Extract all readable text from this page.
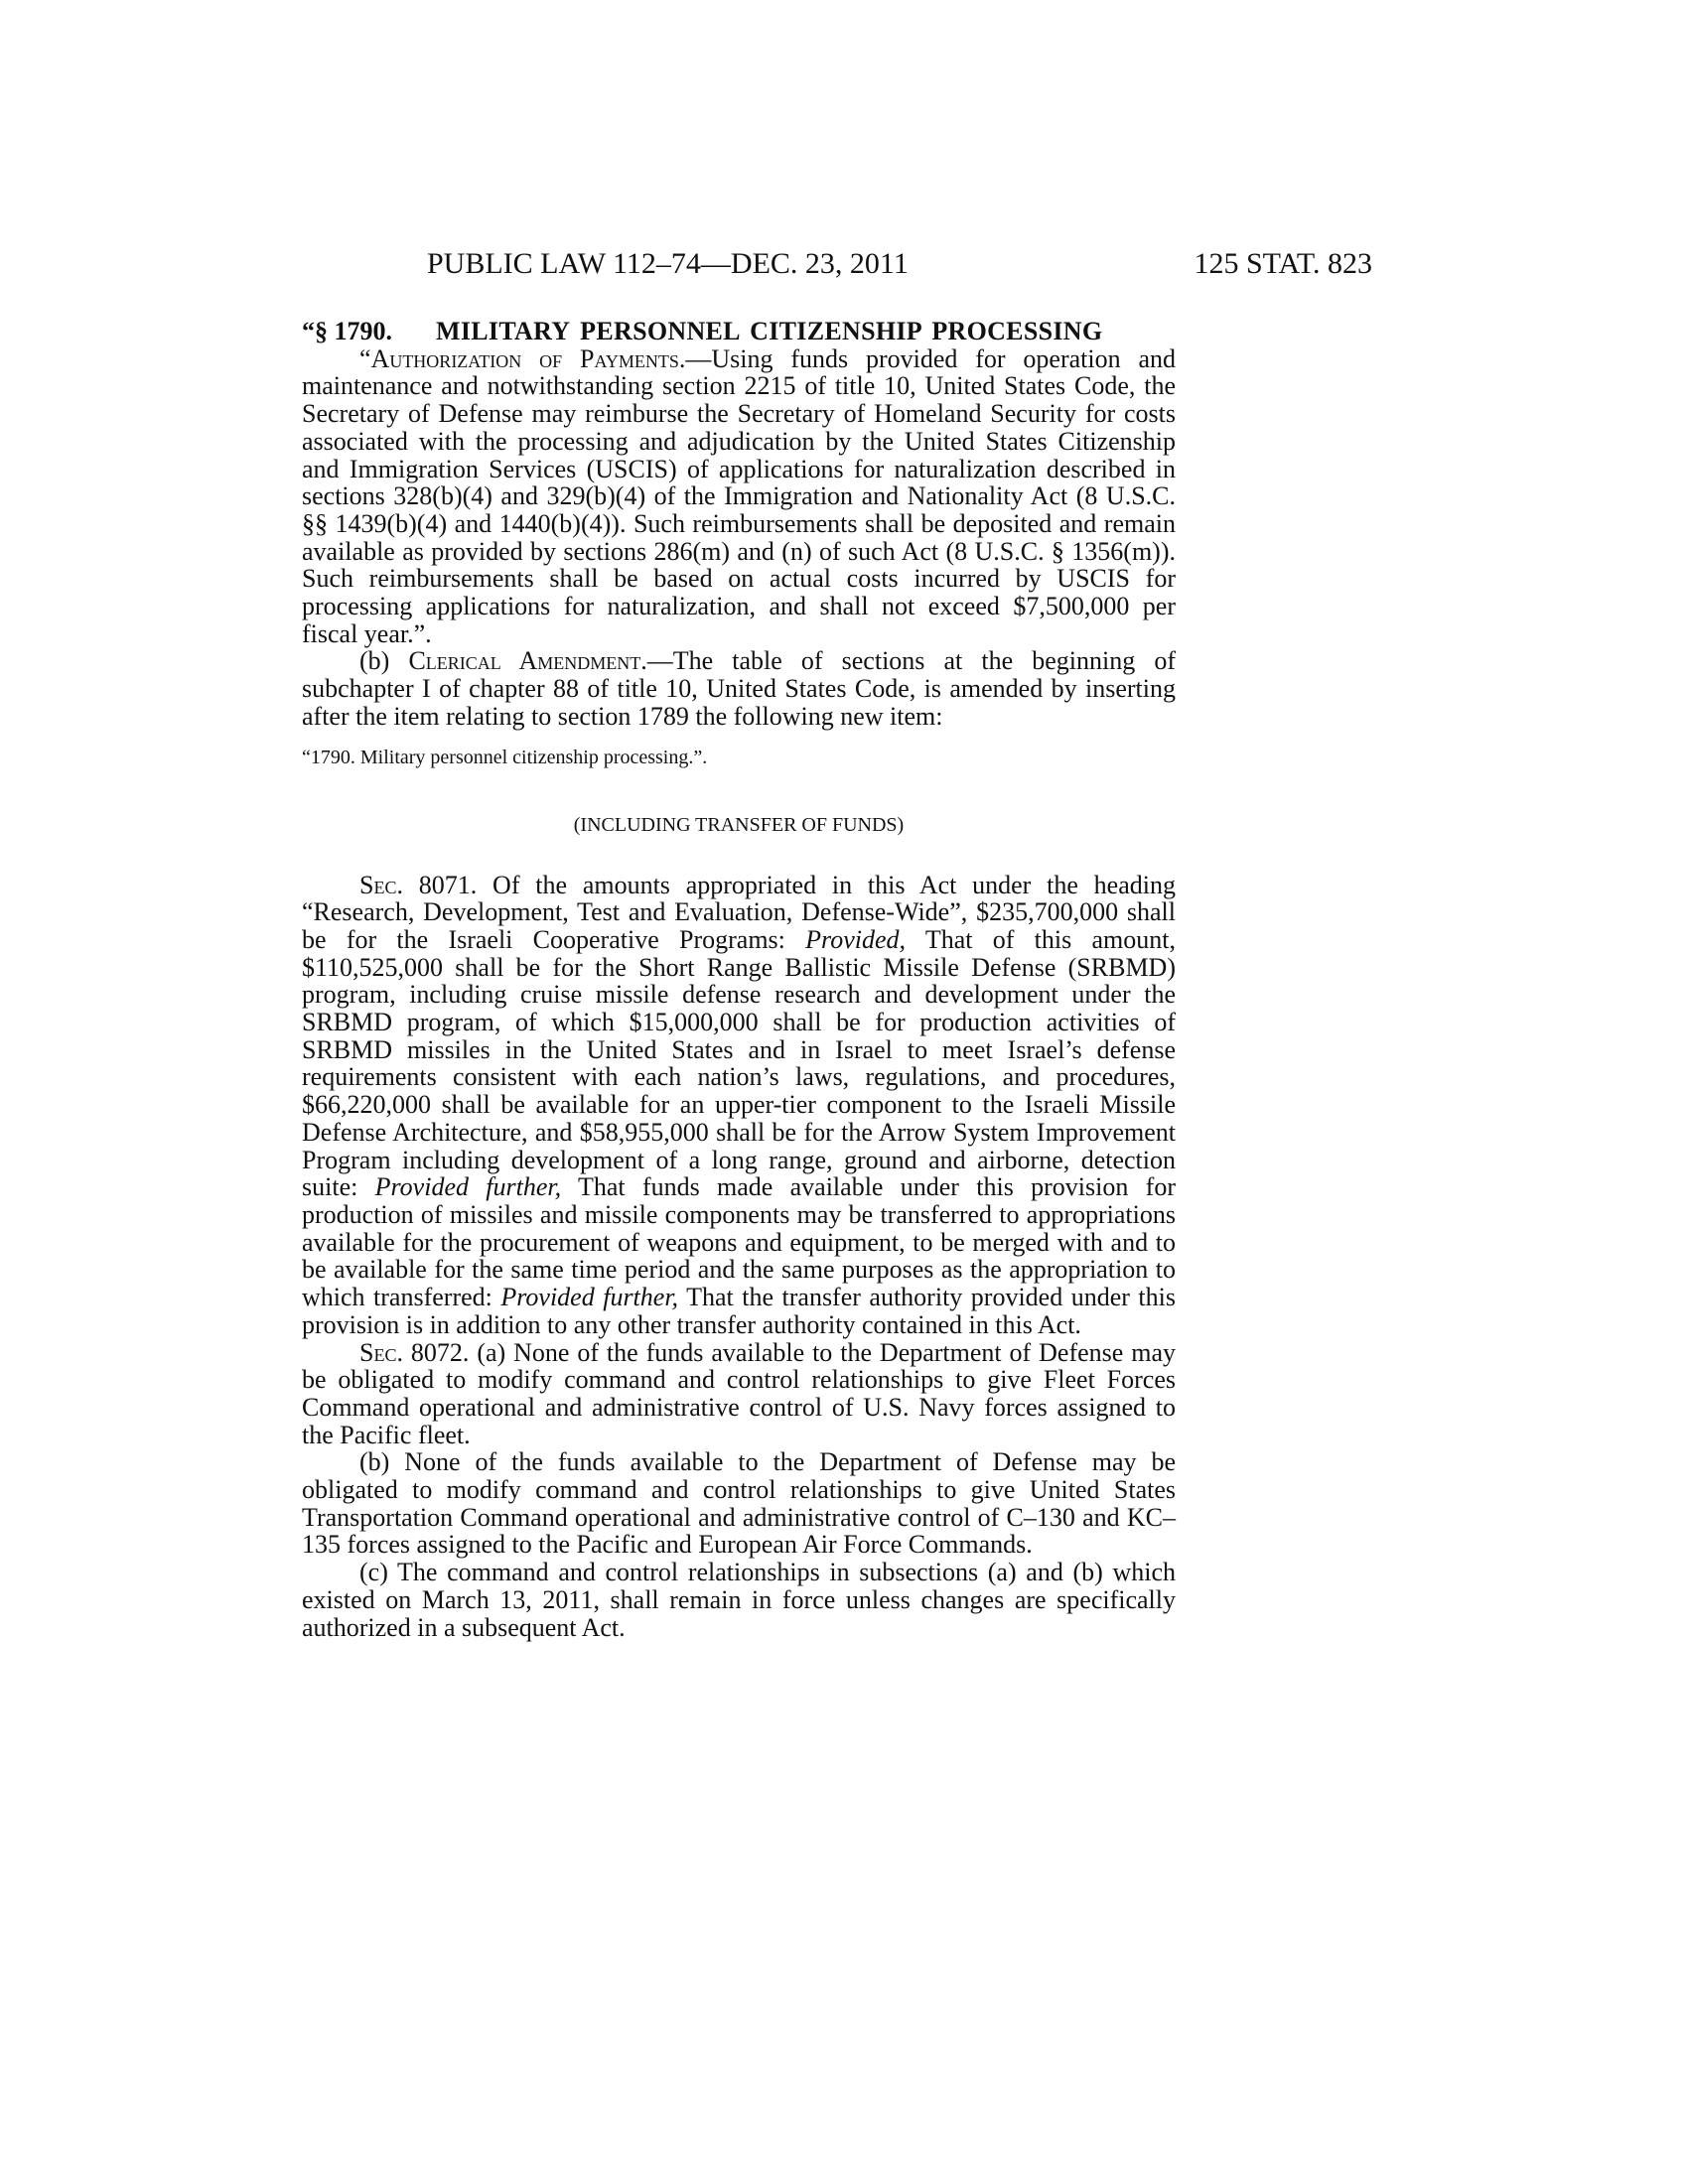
PUBLIC LAW 112–74—DEC. 23, 2011	125 STAT. 823
“§ 1790.	MILITARY PERSONNEL CITIZENSHIP PROCESSING

“Authorization of Payments.—Using funds provided for operation and maintenance and notwithstanding section 2215 of title 10, United States Code, the Secretary of Defense may reimburse the Secretary of Homeland Security for costs associated with the processing and adjudication by the United States Citizenship and Immigration Services (USCIS) of applications for naturalization described in sections 328(b)(4) and 329(b)(4) of the Immigration and Nationality Act (8 U.S.C. §§ 1439(b)(4) and 1440(b)(4)). Such reimbursements shall be deposited and remain available as provided by sections 286(m) and (n) of such Act (8 U.S.C. § 1356(m)). Such reimbursements shall be based on actual costs incurred by USCIS for processing applications for naturalization, and shall not exceed $7,500,000 per fiscal year.”.

(b) Clerical Amendment.—The table of sections at the beginning of subchapter I of chapter 88 of title 10, United States Code, is amended by inserting after the item relating to section 1789 the following new item:

“1790. Military personnel citizenship processing.”.

(INCLUDING TRANSFER OF FUNDS)

Sec. 8071. Of the amounts appropriated in this Act under the heading “Research, Development, Test and Evaluation, Defense-Wide”, $235,700,000 shall be for the Israeli Cooperative Programs: Provided, That of this amount, $110,525,000 shall be for the Short Range Ballistic Missile Defense (SRBMD) program, including cruise missile defense research and development under the SRBMD program, of which $15,000,000 shall be for production activities of SRBMD missiles in the United States and in Israel to meet Israel’s defense requirements consistent with each nation’s laws, regulations, and procedures, $66,220,000 shall be available for an upper-tier component to the Israeli Missile Defense Architecture, and $58,955,000 shall be for the Arrow System Improvement Program including development of a long range, ground and airborne, detection suite: Provided further, That funds made available under this provision for production of missiles and missile components may be transferred to appropriations available for the procurement of weapons and equipment, to be merged with and to be available for the same time period and the same purposes as the appropriation to which transferred: Provided further, That the transfer authority provided under this provision is in addition to any other transfer authority contained in this Act.

Sec. 8072. (a) None of the funds available to the Department of Defense may be obligated to modify command and control relationships to give Fleet Forces Command operational and administrative control of U.S. Navy forces assigned to the Pacific fleet.

(b) None of the funds available to the Department of Defense may be obligated to modify command and control relationships to give United States Transportation Command operational and administrative control of C–130 and KC–135 forces assigned to the Pacific and European Air Force Commands.

(c) The command and control relationships in subsections (a) and (b) which existed on March 13, 2011, shall remain in force unless changes are specifically authorized in a subsequent Act.
